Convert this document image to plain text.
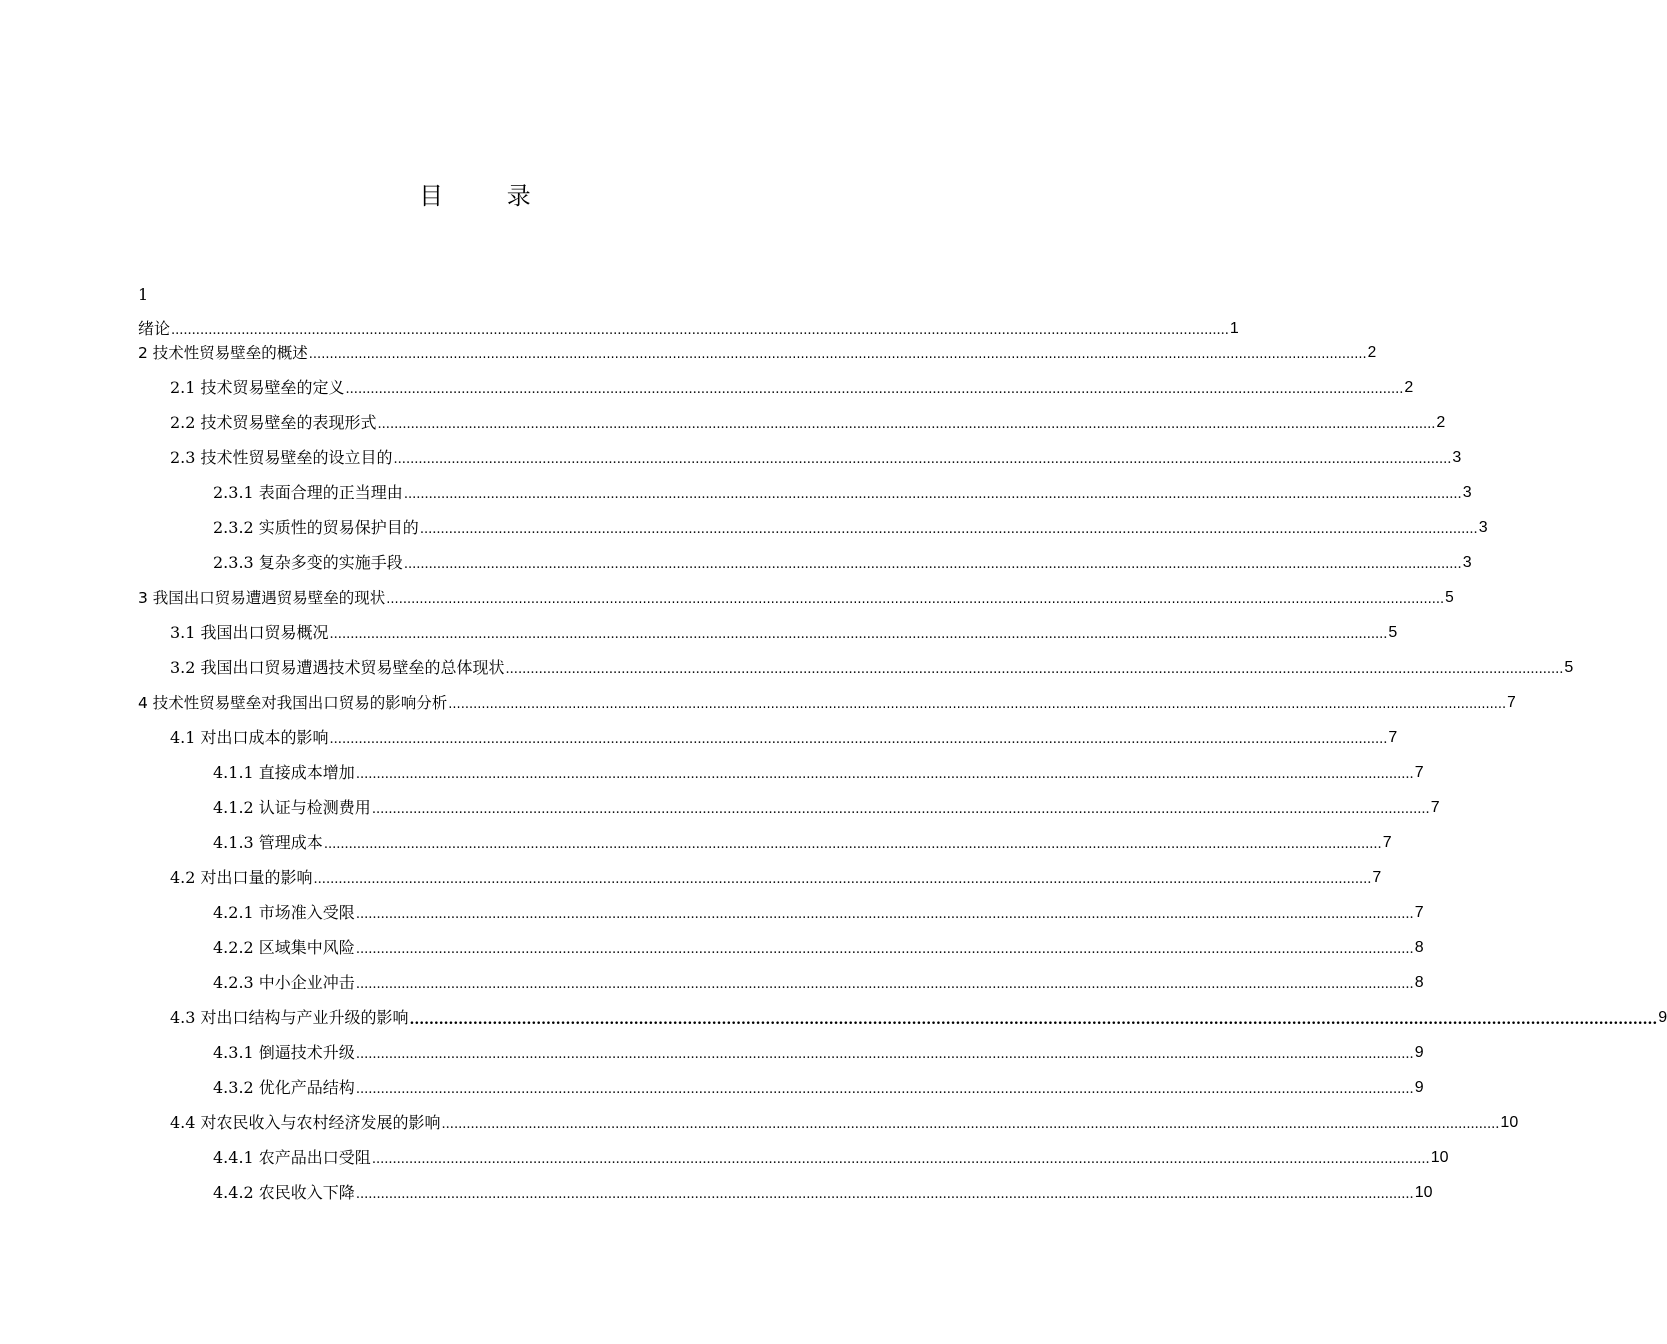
目 录
1
绪论 ................................................................................................................................................................................................................................................................ 1
2 技术性贸易壁垒的概述 ................................................................................................................................................................................................................................................................ 2
2.1 技术贸易壁垒的定义 ................................................................................................................................................................................................................................................................ 2
2.2 技术贸易壁垒的表现形式 ................................................................................................................................................................................................................................................................ 2
2.3 技术性贸易壁垒的设立目的 ................................................................................................................................................................................................................................................................ 3
2.3.1 表面合理的正当理由 ................................................................................................................................................................................................................................................................ 3
2.3.2 实质性的贸易保护目的 ................................................................................................................................................................................................................................................................ 3
2.3.3 复杂多变的实施手段 ................................................................................................................................................................................................................................................................ 3
3 我国出口贸易遭遇贸易壁垒的现状 ................................................................................................................................................................................................................................................................ 5
3.1 我国出口贸易概况 ................................................................................................................................................................................................................................................................ 5
3.2 我国出口贸易遭遇技术贸易壁垒的总体现状 ................................................................................................................................................................................................................................................................ 5
4 技术性贸易壁垒对我国出口贸易的影响分析 ................................................................................................................................................................................................................................................................ 7
4.1 对出口成本的影响 ................................................................................................................................................................................................................................................................ 7
4.1.1 直接成本增加 ................................................................................................................................................................................................................................................................ 7
4.1.2 认证与检测费用 ................................................................................................................................................................................................................................................................ 7
4.1.3 管理成本 ................................................................................................................................................................................................................................................................ 7
4.2 对出口量的影响 ................................................................................................................................................................................................................................................................ 7
4.2.1 市场准入受限 ................................................................................................................................................................................................................................................................ 7
4.2.2 区域集中风险 ................................................................................................................................................................................................................................................................ 8
4.2.3 中小企业冲击 ................................................................................................................................................................................................................................................................ 8
4.3 对出口结构与产业升级的影响 ................................................................................................................................................................................................................................................................ 9
4.3.1 倒逼技术升级 ................................................................................................................................................................................................................................................................ 9
4.3.2 优化产品结构 ................................................................................................................................................................................................................................................................ 9
4.4 对农民收入与农村经济发展的影响 ................................................................................................................................................................................................................................................................ 10
4.4.1 农产品出口受阻 ................................................................................................................................................................................................................................................................ 10
4.4.2 农民收入下降 ................................................................................................................................................................................................................................................................ 10
